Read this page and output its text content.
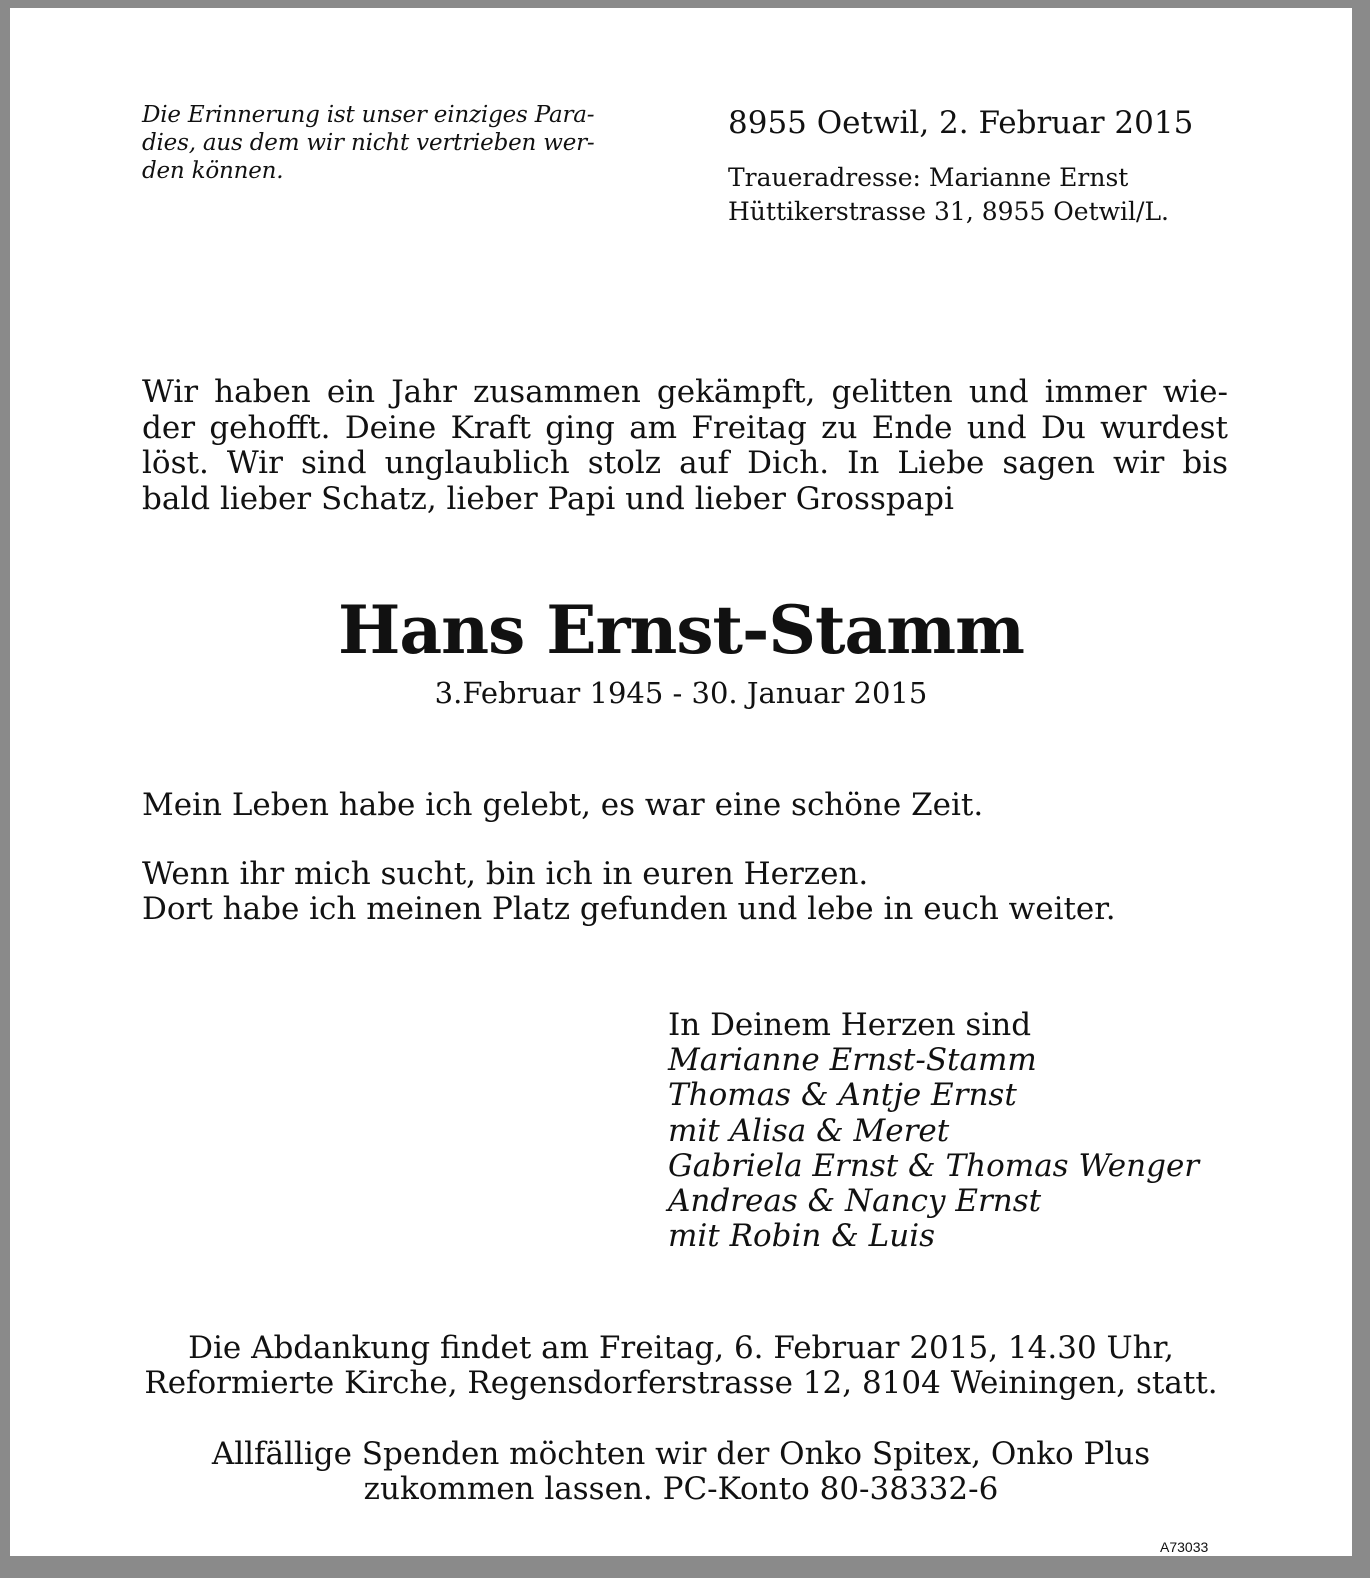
Die Erinnerung ist unser einziges Para-
dies, aus dem wir nicht vertrieben wer-
den können.
8955 Oetwil, 2. Februar 2015
Traueradresse: Marianne Ernst
Hüttikerstrasse 31, 8955 Oetwil/L.
Wir haben ein Jahr zusammen gekämpft, gelitten und immer wie-
der gehofft. Deine Kraft ging am Freitag zu Ende und Du wurdest
löst. Wir sind unglaublich stolz auf Dich. In Liebe sagen wir bis
bald lieber Schatz, lieber Papi und lieber Grosspapi
Hans Ernst-Stamm
3.Februar 1945 - 30. Januar 2015
Mein Leben habe ich gelebt, es war eine schöne Zeit.
Wenn ihr mich sucht, bin ich in euren Herzen.
Dort habe ich meinen Platz gefunden und lebe in euch weiter.
In Deinem Herzen sind
Marianne Ernst-Stamm
Thomas & Antje Ernst
mit Alisa & Meret
Gabriela Ernst & Thomas Wenger
Andreas & Nancy Ernst
mit Robin & Luis
Die Abdankung findet am Freitag, 6. Februar 2015, 14.30 Uhr,
Reformierte Kirche, Regensdorferstrasse 12, 8104 Weiningen, statt.
Allfällige Spenden möchten wir der Onko Spitex, Onko Plus
zukommen lassen. PC-Konto 80-38332-6
A73033
